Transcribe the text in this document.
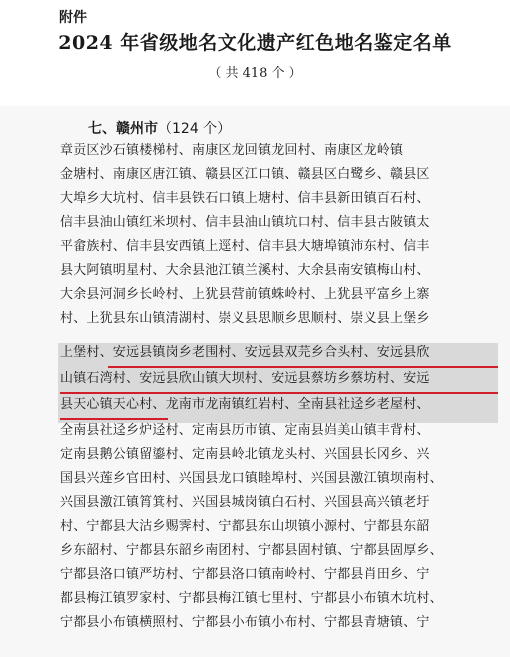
附件
2024 年省级地名文化遗产红色地名鉴定名单
（ 共 418 个 ）
七、赣州市（124 个）
章贡区沙石镇楼梯村、南康区龙回镇龙回村、南康区龙岭镇
金塘村、南康区唐江镇、赣县区江口镇、赣县区白鹭乡、赣县区
大埠乡大坑村、信丰县铁石口镇上塘村、信丰县新田镇百石村、
信丰县油山镇红米坝村、信丰县油山镇坑口村、信丰县古陂镇太
平畲族村、信丰县安西镇上逕村、信丰县大塘埠镇沛东村、信丰
县大阿镇明星村、大余县池江镇兰溪村、大余县南安镇梅山村、
大余县河洞乡长岭村、上犹县营前镇蛛岭村、上犹县平富乡上寨
村、上犹县东山镇清湖村、崇义县思顺乡思顺村、崇义县上堡乡
上堡村、安远县镇岗乡老围村、安远县双芫乡合头村、安远县欣
山镇石湾村、安远县欣山镇大坝村、安远县蔡坊乡蔡坊村、安远
县天心镇天心村、龙南市龙南镇红岩村、全南县社迳乡老屋村、
全南县社迳乡炉迳村、定南县历市镇、定南县岿美山镇丰背村、
定南县鹅公镇留鎏村、定南县岭北镇龙头村、兴国县长冈乡、兴
国县兴莲乡官田村、兴国县龙口镇睦埠村、兴国县激江镇坝南村、
兴国县激江镇筲箕村、兴国县城岗镇白石村、兴国县高兴镇老圩
村、宁都县大沽乡赐霁村、宁都县东山坝镇小源村、宁都县东韶
乡东韶村、宁都县东韶乡南团村、宁都县固村镇、宁都县固厚乡、
宁都县洛口镇严坊村、宁都县洛口镇南岭村、宁都县肖田乡、宁
都县梅江镇罗家村、宁都县梅江镇七里村、宁都县小布镇木坑村、
宁都县小布镇横照村、宁都县小布镇小布村、宁都县青塘镇、宁
